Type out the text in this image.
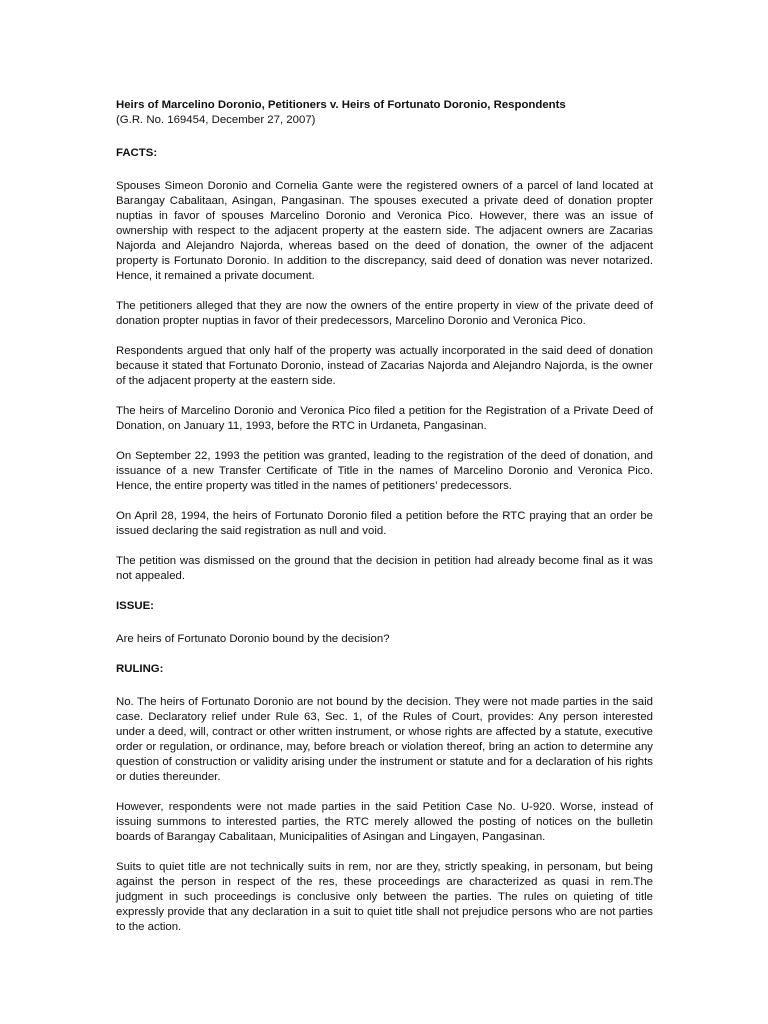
Heirs of Marcelino Doronio, Petitioners v. Heirs of Fortunato Doronio, Respondents
(G.R. No. 169454, December 27, 2007)
FACTS:

Spouses Simeon Doronio and Cornelia Gante were the registered owners of a parcel of land located at Barangay Cabalitaan, Asingan, Pangasinan. The spouses executed a private deed of donation propter nuptias in favor of spouses Marcelino Doronio and Veronica Pico. However, there was an issue of ownership with respect to the adjacent property at the eastern side. The adjacent owners are Zacarias Najorda and Alejandro Najorda, whereas based on the deed of donation, the owner of the adjacent property is Fortunato Doronio. In addition to the discrepancy, said deed of donation was never notarized. Hence, it remained a private document.

The petitioners alleged that they are now the owners of the entire property in view of the private deed of donation propter nuptias in favor of their predecessors, Marcelino Doronio and Veronica Pico.

Respondents argued that only half of the property was actually incorporated in the said deed of donation because it stated that Fortunato Doronio, instead of Zacarias Najorda and Alejandro Najorda, is the owner of the adjacent property at the eastern side.

The heirs of Marcelino Doronio and Veronica Pico filed a petition for the Registration of a Private Deed of Donation, on January 11, 1993, before the RTC in Urdaneta, Pangasinan.

On September 22, 1993 the petition was granted, leading to the registration of the deed of donation, and issuance of a new Transfer Certificate of Title in the names of Marcelino Doronio and Veronica Pico. Hence, the entire property was titled in the names of petitioners’ predecessors.

On April 28, 1994, the heirs of Fortunato Doronio filed a petition before the RTC praying that an order be issued declaring the said registration as null and void.

The petition was dismissed on the ground that the decision in petition had already become final as it was not appealed.

ISSUE:

Are heirs of Fortunato Doronio bound by the decision?

RULING:

No. The heirs of Fortunato Doronio are not bound by the decision. They were not made parties in the said case. Declaratory relief under Rule 63, Sec. 1, of the Rules of Court, provides: Any person interested under a deed, will, contract or other written instrument, or whose rights are affected by a statute, executive order or regulation, or ordinance, may, before breach or violation thereof, bring an action to determine any question of construction or validity arising under the instrument or statute and for a declaration of his rights or duties thereunder.

However, respondents were not made parties in the said Petition Case No. U-920. Worse, instead of issuing summons to interested parties, the RTC merely allowed the posting of notices on the bulletin boards of Barangay Cabalitaan, Municipalities of Asingan and Lingayen, Pangasinan.

Suits to quiet title are not technically suits in rem, nor are they, strictly speaking, in personam, but being against the person in respect of the res, these proceedings are characterized as quasi in rem.The judgment in such proceedings is conclusive only between the parties. The rules on quieting of title expressly provide that any declaration in a suit to quiet title shall not prejudice persons who are not parties to the action.
